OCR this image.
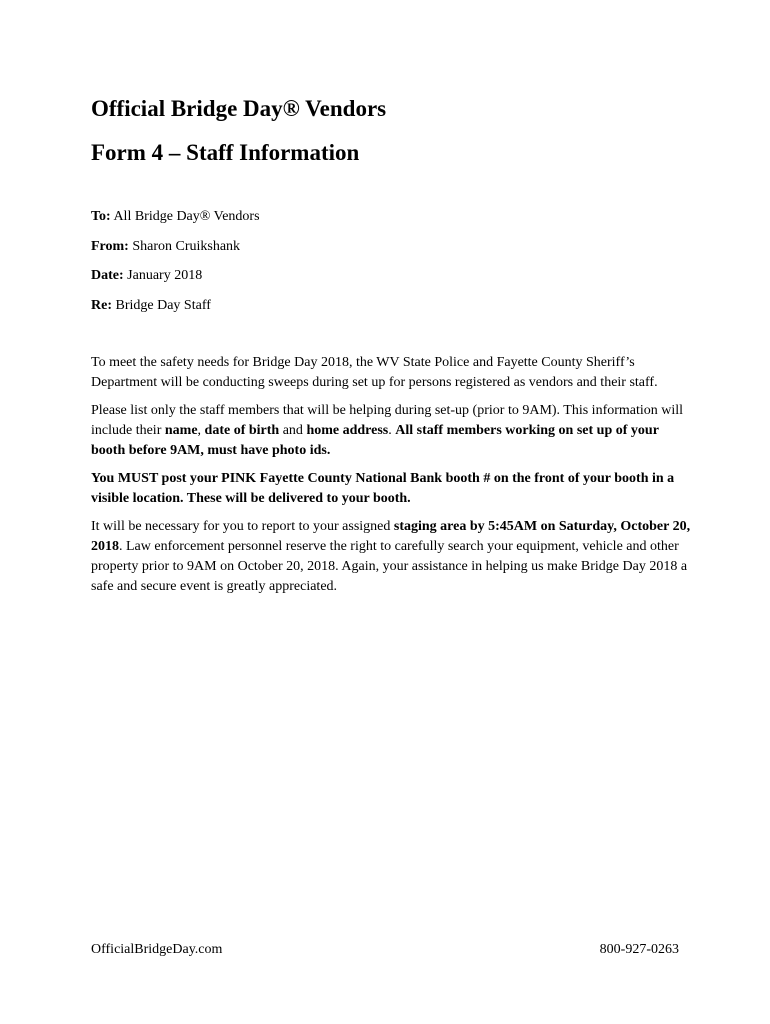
Official Bridge Day® Vendors
Form 4 – Staff Information
To: All Bridge Day® Vendors
From: Sharon Cruikshank
Date: January 2018
Re: Bridge Day Staff

To meet the safety needs for Bridge Day 2018, the WV State Police and Fayette County Sheriff’s Department will be conducting sweeps during set up for persons registered as vendors and their staff.

Please list only the staff members that will be helping during set-up (prior to 9AM). This information will include their name, date of birth and home address. All staff members working on set up of your booth before 9AM, must have photo ids.

You MUST post your PINK Fayette County National Bank booth # on the front of your booth in a visible location. These will be delivered to your booth.

It will be necessary for you to report to your assigned staging area by 5:45AM on Saturday, October 20, 2018. Law enforcement personnel reserve the right to carefully search your equipment, vehicle and other property prior to 9AM on October 20, 2018. Again, your assistance in helping us make Bridge Day 2018 a safe and secure event is greatly appreciated.

OfficialBridgeDay.com	800-927-0263
